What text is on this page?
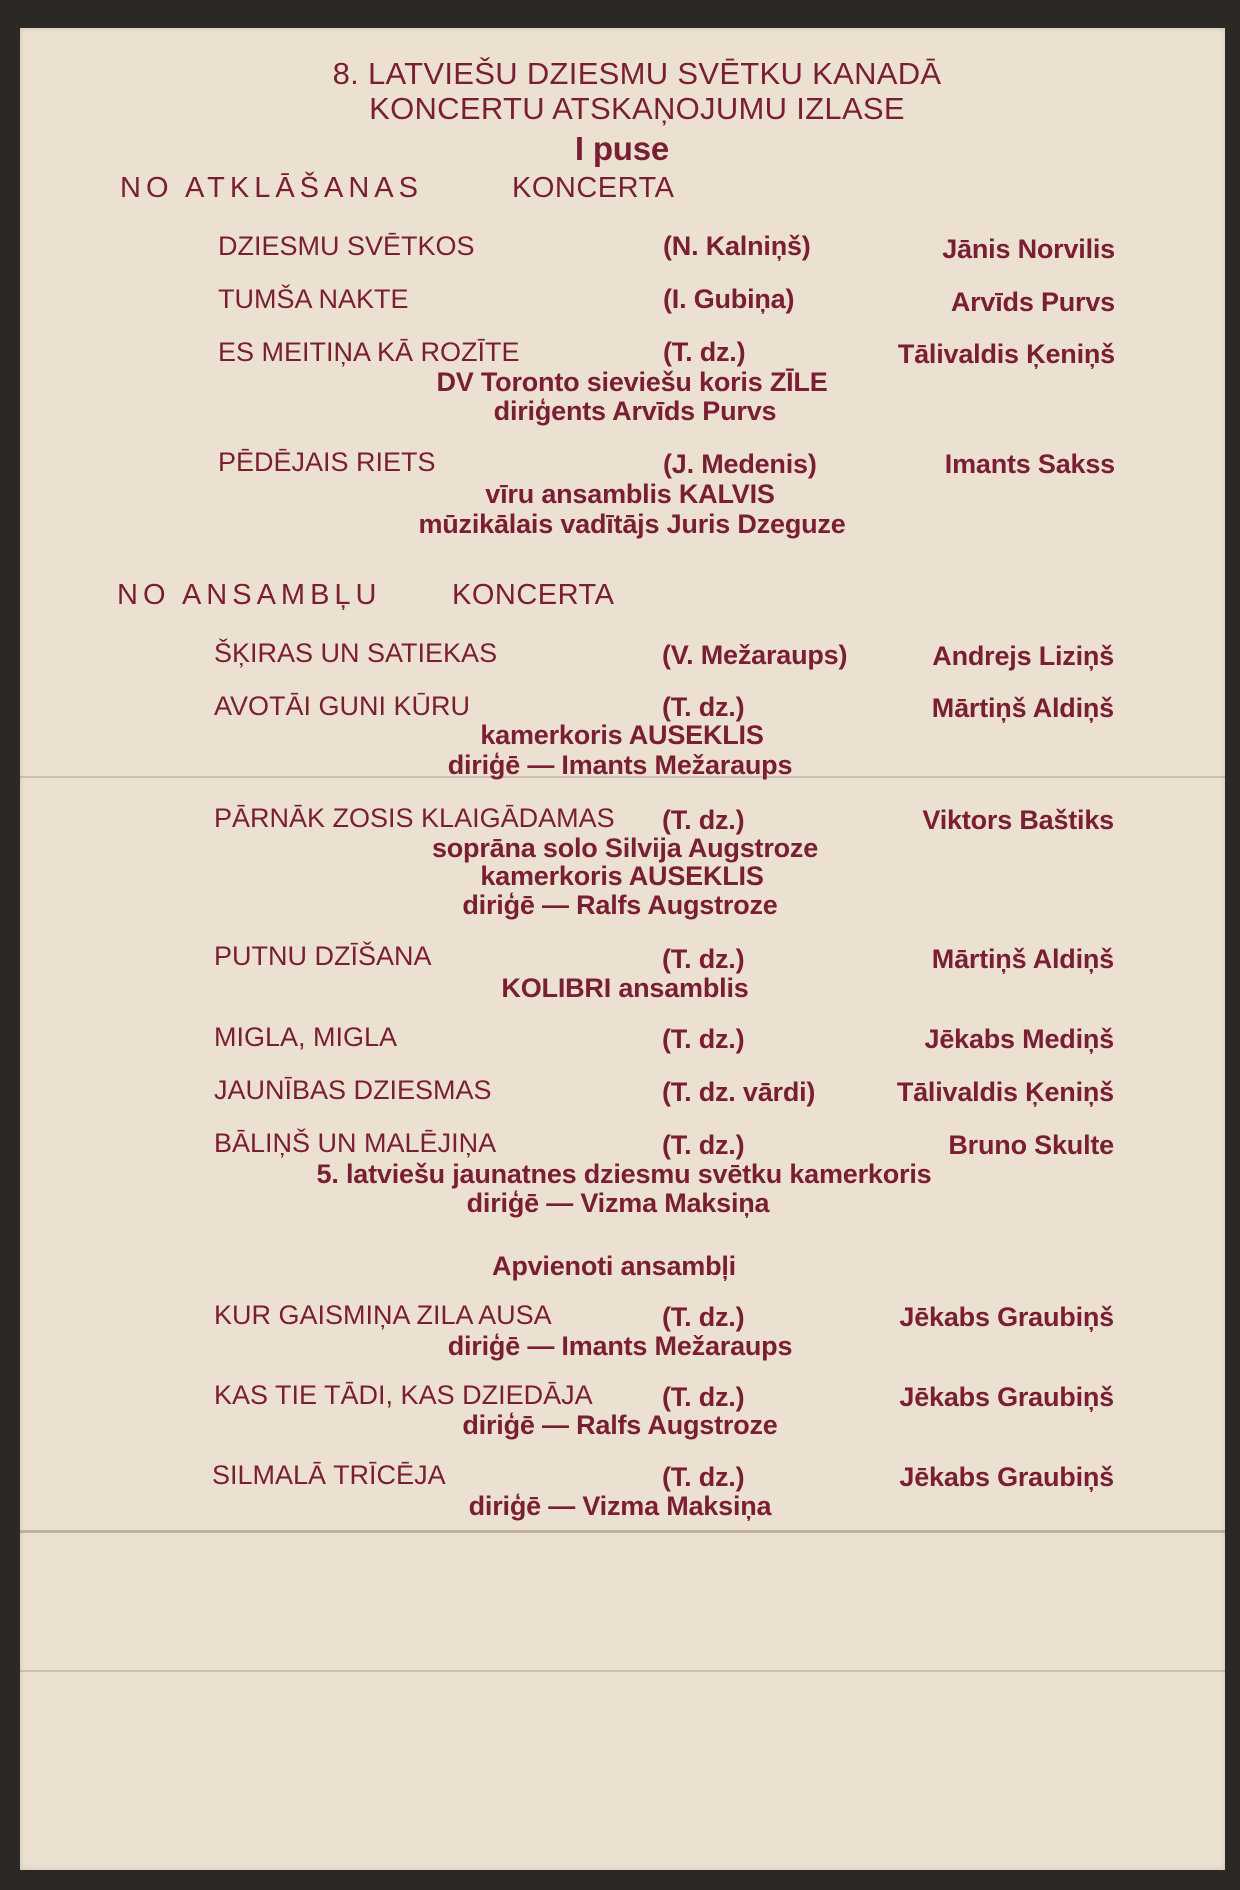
8. LATVIEŠU DZIESMU SVĒTKU KANADĀ
KONCERTU ATSKAŅOJUMU IZLASE
I puse
NO ATKLĀŠANAS	KONCERTA
DZIESMU SVĒTKOS	(N. Kalniņš)	Jānis Norvilis
TUMŠA NAKTE	(I. Gubiņa)	Arvīds Purvs
ES MEITIŅA KĀ ROZĪTE	(T. dz.)	Tālivaldis Ķeniņš
DV Toronto sieviešu koris ZĪLE
diriģents Arvīds Purvs
PĒDĒJAIS RIETS	(J. Medenis)	Imants Sakss
vīru ansamblis KALVIS
mūzikālais vadītājs Juris Dzeguze
NO ANSAMBĻU KONCERTA
ŠĶIRAS UN SATIEKAS	(V. Mežaraups)	Andrejs Liziņš
AVOTĀI GUNI KŪRU	(T. dz.)	Mārtiņš Aldiņš
kamerkoris AUSEKLIS
diriģē — Imants Mežaraups
PĀRNĀK ZOSIS KLAIGĀDAMAS (T. dz.)	Viktors Baštiks
soprāna solo Silvija Augstroze
kamerkoris AUSEKLIS
diriģē — Ralfs Augstroze
PUTNU DZĪŠANA	(T. dz.)	Mārtiņš Aldiņš
KOLIBRI ansamblis
MIGLA, MIGLA	(T. dz.)	Jēkabs Mediņš
JAUNĪBAS DZIESMAS	(T. dz. vārdi)	Tālivaldis Ķeniņš
BĀLIŅŠ UN MALĒJIŅA	(T. dz.)	Bruno Skulte
5. latviešu jaunatnes dziesmu svētku kamerkoris
diriģē — Vizma Maksiņa
Apvienoti ansambļi
KUR GAISMIŅA ZILA AUSA	(T. dz.)	Jēkabs Graubiņš
diriģē — Imants Mežaraups
KAS TIE TĀDI, KAS DZIEDĀJA	(T. dz.)	Jēkabs Graubiņš
diriģē — Ralfs Augstroze
SILMALĀ TRĪCĒJA	(T. dz.)	Jēkabs Graubiņš
diriģē — Vizma Maksiņa
